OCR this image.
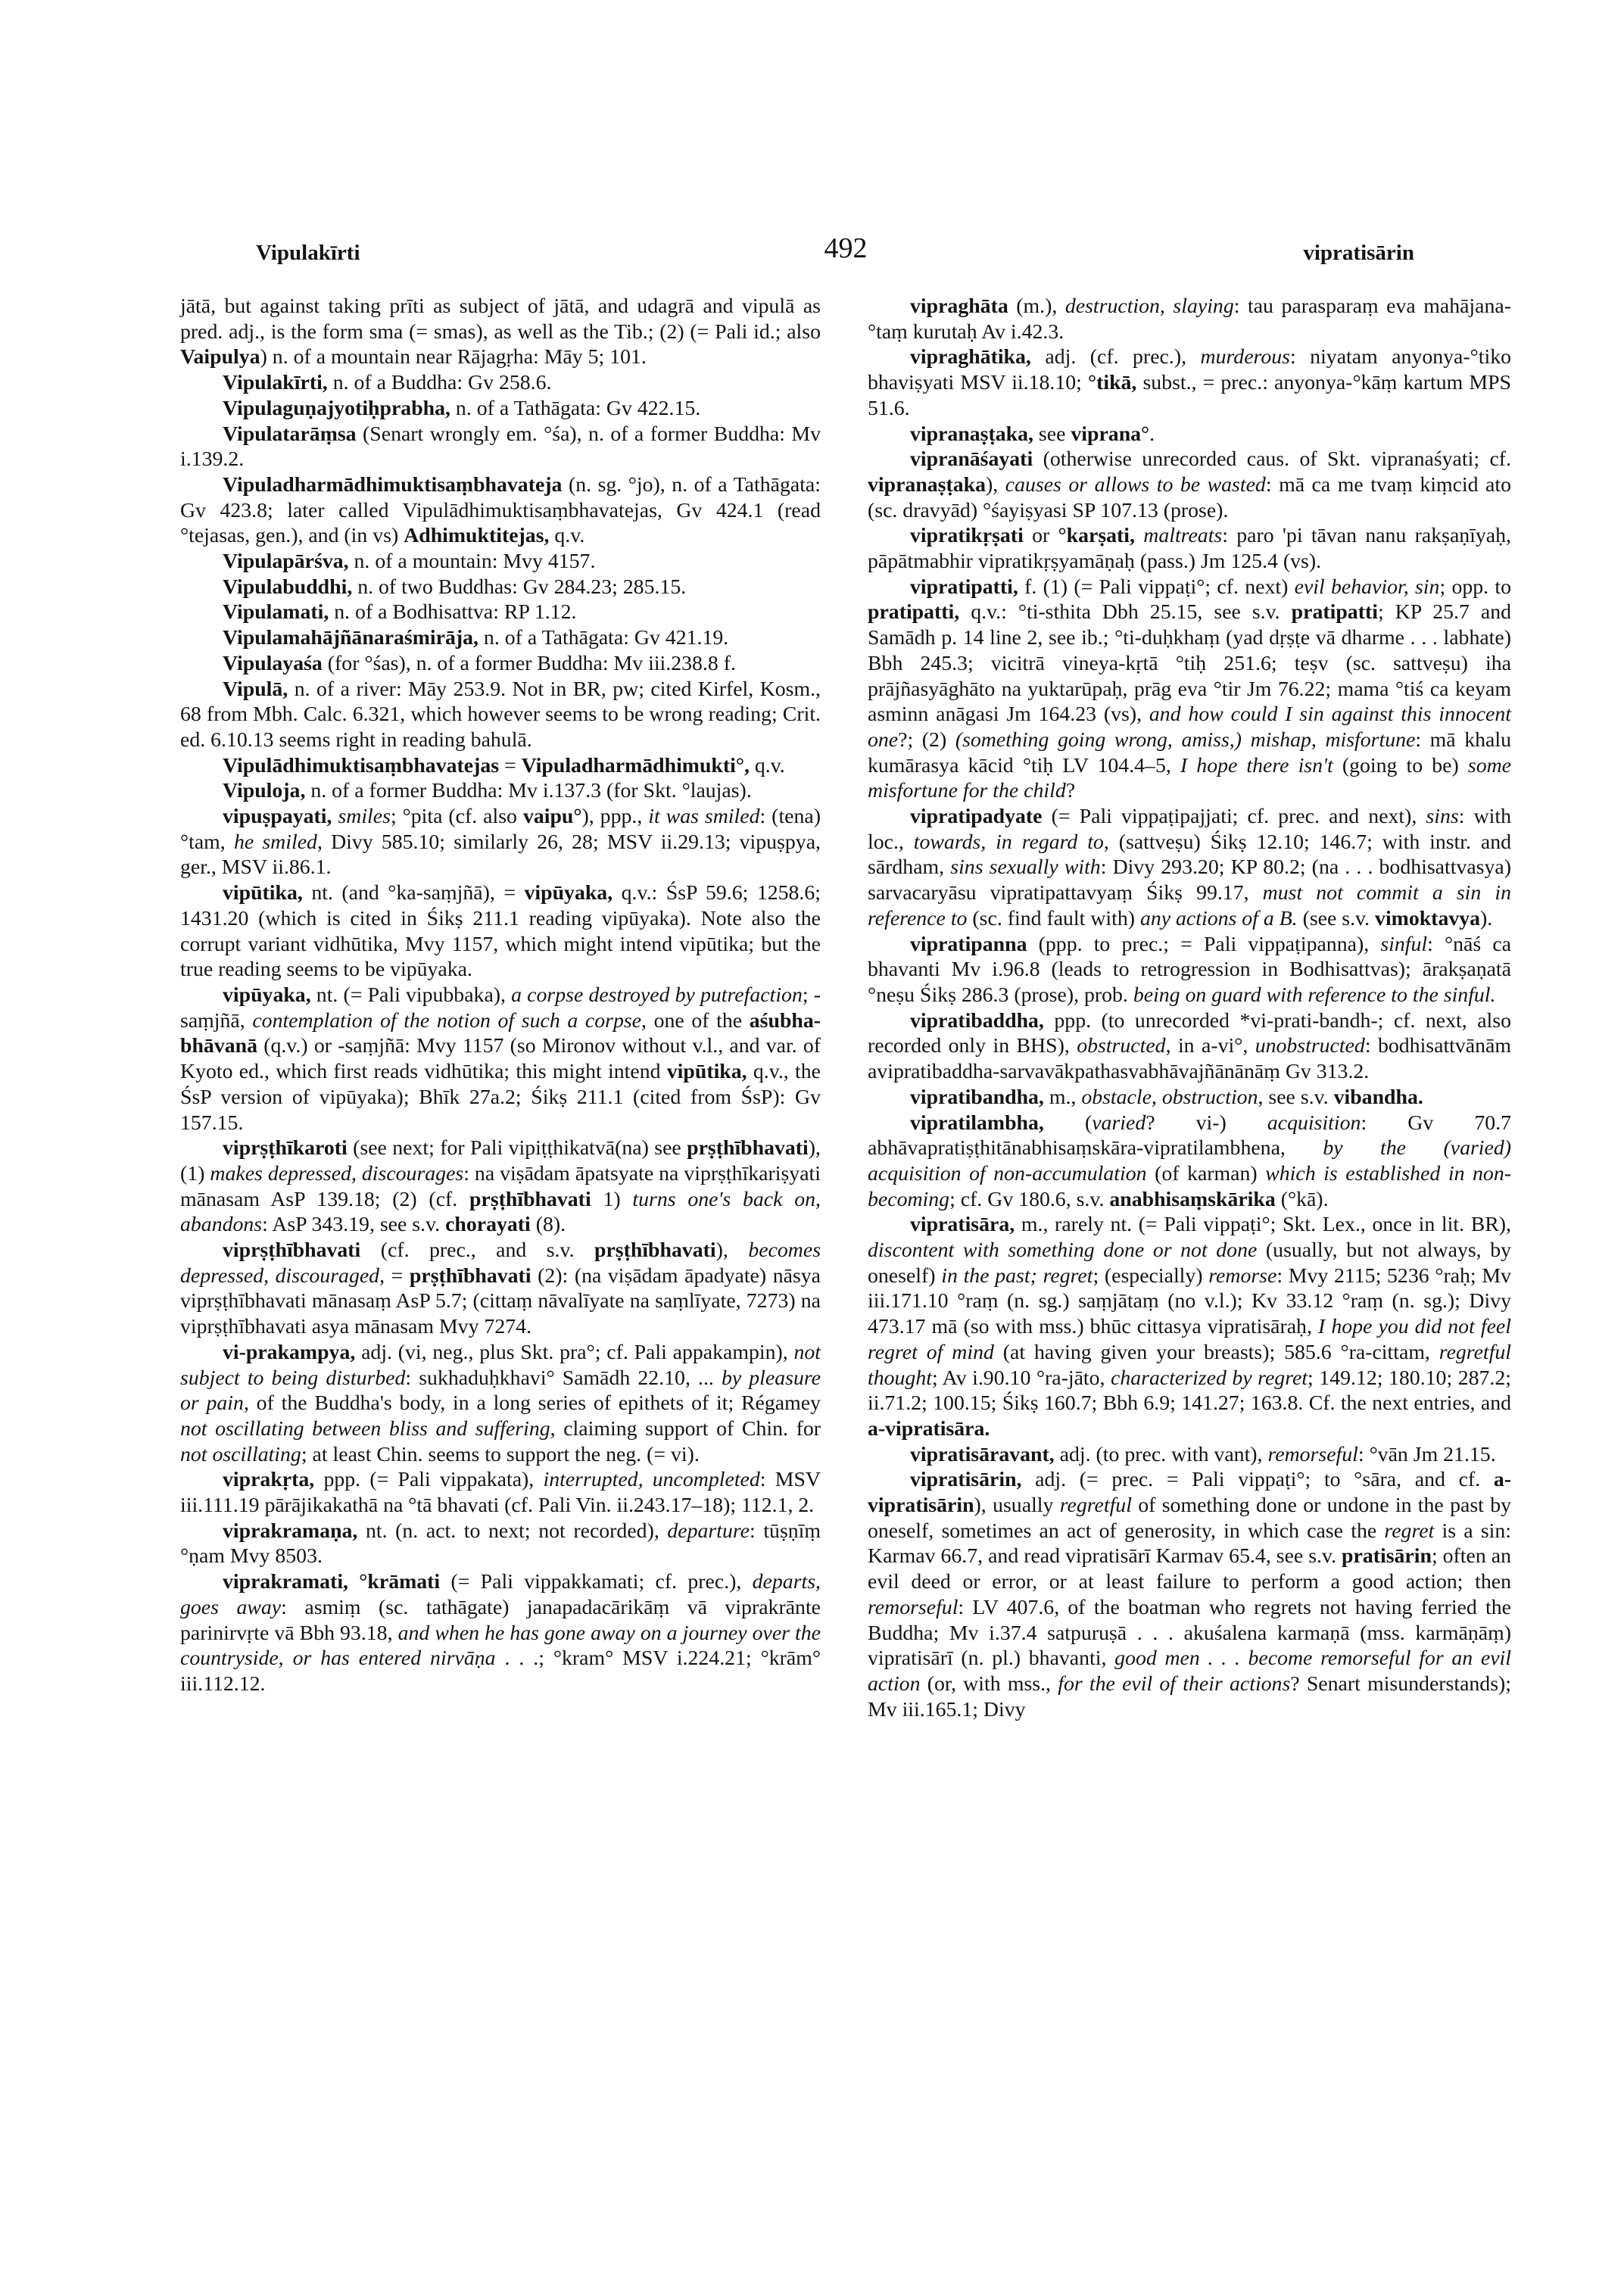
Vipulakīrti	492	vipratisārin

jātā, but against taking prīti as subject of jātā, and udagrā and vipulā as pred. adj., is the form sma (= smas), as well as the Tib.; (2) (= Pali id.; also Vaipulya) n. of a mountain near Rājagṛha: Māy 5; 101.

Vipulakīrti, n. of a Buddha: Gv 258.6.

Vipulaguṇajyotiḥprabha, n. of a Tathāgata: Gv 422.15.

Vipulatarāṃsa (Senart wrongly em. °śa), n. of a former Buddha: Mv i.139.2.

Vipuladharmādhimuktisaṃbhavateja (n. sg. °jo), n. of a Tathāgata: Gv 423.8; later called Vipulādhimuktisaṃbhavatejas, Gv 424.1 (read °tejasas, gen.), and (in vs) Adhimuktitejas, q.v.

Vipulapārśva, n. of a mountain: Mvy 4157.

Vipulabuddhi, n. of two Buddhas: Gv 284.23; 285.15.

Vipulamati, n. of a Bodhisattva: RP 1.12.

Vipulamahājñānaraśmirāja, n. of a Tathāgata: Gv 421.19.

Vipulayaśa (for °śas), n. of a former Buddha: Mv iii.238.8 f.

Vipulā, n. of a river: Māy 253.9. Not in BR, pw; cited Kirfel, Kosm., 68 from Mbh. Calc. 6.321, which however seems to be wrong reading; Crit. ed. 6.10.13 seems right in reading bahulā.

Vipulādhimuktisaṃbhavatejas = Vipuladharmādhimukti°, q.v.

Vipuloja, n. of a former Buddha: Mv i.137.3 (for Skt. °laujas).

vipuṣpayati, smiles; °pita (cf. also vaipu°), ppp., it was smiled: (tena) °tam, he smiled, Divy 585.10; similarly 26, 28; MSV ii.29.13; vipuṣpya, ger., MSV ii.86.1.

vipūtika, nt. (and °ka-saṃjñā), = vipūyaka, q.v.: ŚsP 59.6; 1258.6; 1431.20 (which is cited in Śikṣ 211.1 reading vipūyaka). Note also the corrupt variant vidhūtika, Mvy 1157, which might intend vipūtika; but the true reading seems to be vipūyaka.

vipūyaka, nt. (= Pali vipubbaka), a corpse destroyed by putrefaction; -saṃjñā, contemplation of the notion of such a corpse, one of the aśubha-bhāvanā (q.v.) or -saṃjñā: Mvy 1157 (so Mironov without v.l., and var. of Kyoto ed., which first reads vidhūtika; this might intend vipūtika, q.v., the ŚsP version of vipūyaka); Bhīk 27a.2; Śikṣ 211.1 (cited from ŚsP): Gv 157.15.

viprṣṭhīkaroti (see next; for Pali vipiṭṭhikatvā(na) see prṣṭhībhavati), (1) makes depressed, discourages: na viṣādam āpatsyate na viprṣṭhīkariṣyati mānasam AsP 139.18; (2) (cf. prṣṭhībhavati 1) turns one's back on, abandons: AsP 343.19, see s.v. chorayati (8).

viprṣṭhībhavati (cf. prec., and s.v. prṣṭhībhavati), becomes depressed, discouraged, = prṣṭhībhavati (2): (na viṣādam āpadyate) nāsya viprṣṭhībhavati mānasaṃ AsP 5.7; (cittaṃ nāvalīyate na saṃlīyate, 7273) na viprṣṭhībhavati asya mānasam Mvy 7274.

vi-prakampya, adj. (vi, neg., plus Skt. pra°; cf. Pali appakampin), not subject to being disturbed: sukhaduḥkhavi° Samādh 22.10, ... by pleasure or pain, of the Buddha's body, in a long series of epithets of it; Régamey not oscillating between bliss and suffering, claiming support of Chin. for not oscillating; at least Chin. seems to support the neg. (= vi).

viprakṛta, ppp. (= Pali vippakata), interrupted, uncompleted: MSV iii.111.19 pārājikakathā na °tā bhavati (cf. Pali Vin. ii.243.17–18); 112.1, 2.

viprakramaṇa, nt. (n. act. to next; not recorded), departure: tūṣṇīṃ °ṇam Mvy 8503.

viprakramati, °krāmati (= Pali vippakkamati; cf. prec.), departs, goes away: asmiṃ (sc. tathāgate) janapadacārikāṃ vā viprakrānte parinirvṛte vā Bbh 93.18, and when he has gone away on a journey over the countryside, or has entered nirvāṇa . . .; °kram° MSV i.224.21; °krām° iii.112.12.

vipraghāta (m.), destruction, slaying: tau parasparaṃ eva mahājana-°taṃ kurutaḥ Av i.42.3.

vipraghātika, adj. (cf. prec.), murderous: niyatam anyonya-°tiko bhaviṣyati MSV ii.18.10; °tikā, subst., = prec.: anyonya-°kāṃ kartum MPS 51.6.

vipranaṣṭaka, see viprana°.

vipranāśayati (otherwise unrecorded caus. of Skt. vipranaśyati; cf. vipranaṣṭaka), causes or allows to be wasted: mā ca me tvaṃ kiṃcid ato (sc. dravyād) °śayiṣyasi SP 107.13 (prose).

vipratikṛṣati or °karṣati, maltreats: paro 'pi tāvan nanu rakṣaṇīyaḥ, pāpātmabhir vipratikṛṣyamāṇaḥ (pass.) Jm 125.4 (vs).

vipratipatti, f. (1) (= Pali vippaṭi°; cf. next) evil behavior, sin; opp. to pratipatti, q.v.: °ti-sthita Dbh 25.15, see s.v. pratipatti; KP 25.7 and Samādh p. 14 line 2, see ib.; °ti-duḥkhaṃ (yad dṛṣṭe vā dharme . . . labhate) Bbh 245.3; vicitrā vineya-kṛtā °tiḥ 251.6; teṣv (sc. sattveṣu) iha prājñasyāghāto na yuktarūpaḥ, prāg eva °tir Jm 76.22; mama °tiś ca keyam asminn anāgasi Jm 164.23 (vs), and how could I sin against this innocent one?; (2) (something going wrong, amiss,) mishap, misfortune: mā khalu kumārasya kācid °tiḥ LV 104.4–5, I hope there isn't (going to be) some misfortune for the child?

vipratipadyate (= Pali vippaṭipajjati; cf. prec. and next), sins: with loc., towards, in regard to, (sattveṣu) Śikṣ 12.10; 146.7; with instr. and sārdham, sins sexually with: Divy 293.20; KP 80.2; (na . . . bodhisattvasya) sarvacaryāsu vipratipattavyaṃ Śikṣ 99.17, must not commit a sin in reference to (sc. find fault with) any actions of a B. (see s.v. vimoktavya).

vipratipanna (ppp. to prec.; = Pali vippaṭipanna), sinful: °nāś ca bhavanti Mv i.96.8 (leads to retrogression in Bodhisattvas); ārakṣaṇatā °neṣu Śikṣ 286.3 (prose), prob. being on guard with reference to the sinful.

vipratibaddha, ppp. (to unrecorded *vi-prati-bandh-; cf. next, also recorded only in BHS), obstructed, in a-vi°, unobstructed: bodhisattvānām avipratibaddha-sarvavākpathasvabhāvajñānānāṃ Gv 313.2.

vipratibandha, m., obstacle, obstruction, see s.v. vibandha.

vipratilambha, (varied? vi-) acquisition: Gv 70.7 abhāvapratiṣṭhitānabhisaṃskāra-vipratilambhena, by the (varied) acquisition of non-accumulation (of karman) which is established in non-becoming; cf. Gv 180.6, s.v. anabhisaṃskārika (°kā).

vipratisāra, m., rarely nt. (= Pali vippaṭi°; Skt. Lex., once in lit. BR), discontent with something done or not done (usually, but not always, by oneself) in the past; regret; (especially) remorse: Mvy 2115; 5236 °raḥ; Mv iii.171.10 °raṃ (n. sg.) saṃjātaṃ (no v.l.); Kv 33.12 °raṃ (n. sg.); Divy 473.17 mā (so with mss.) bhūc cittasya vipratisāraḥ, I hope you did not feel regret of mind (at having given your breasts); 585.6 °ra-cittam, regretful thought; Av i.90.10 °ra-jāto, characterized by regret; 149.12; 180.10; 287.2; ii.71.2; 100.15; Śikṣ 160.7; Bbh 6.9; 141.27; 163.8. Cf. the next entries, and a-vipratisāra.

vipratisāravant, adj. (to prec. with vant), remorseful: °vān Jm 21.15.

vipratisārin, adj. (= prec. = Pali vippaṭi°; to °sāra, and cf. a-vipratisārin), usually regretful of something done or undone in the past by oneself, sometimes an act of generosity, in which case the regret is a sin: Karmav 66.7, and read vipratisārī Karmav 65.4, see s.v. pratisārin; often an evil deed or error, or at least failure to perform a good action; then remorseful: LV 407.6, of the boatman who regrets not having ferried the Buddha; Mv i.37.4 satpuruṣā . . . akuśalena karmaṇā (mss. karmāṇāṃ) vipratisārī (n. pl.) bhavanti, good men . . . become remorseful for an evil action (or, with mss., for the evil of their actions? Senart misunderstands); Mv iii.165.1; Divy
